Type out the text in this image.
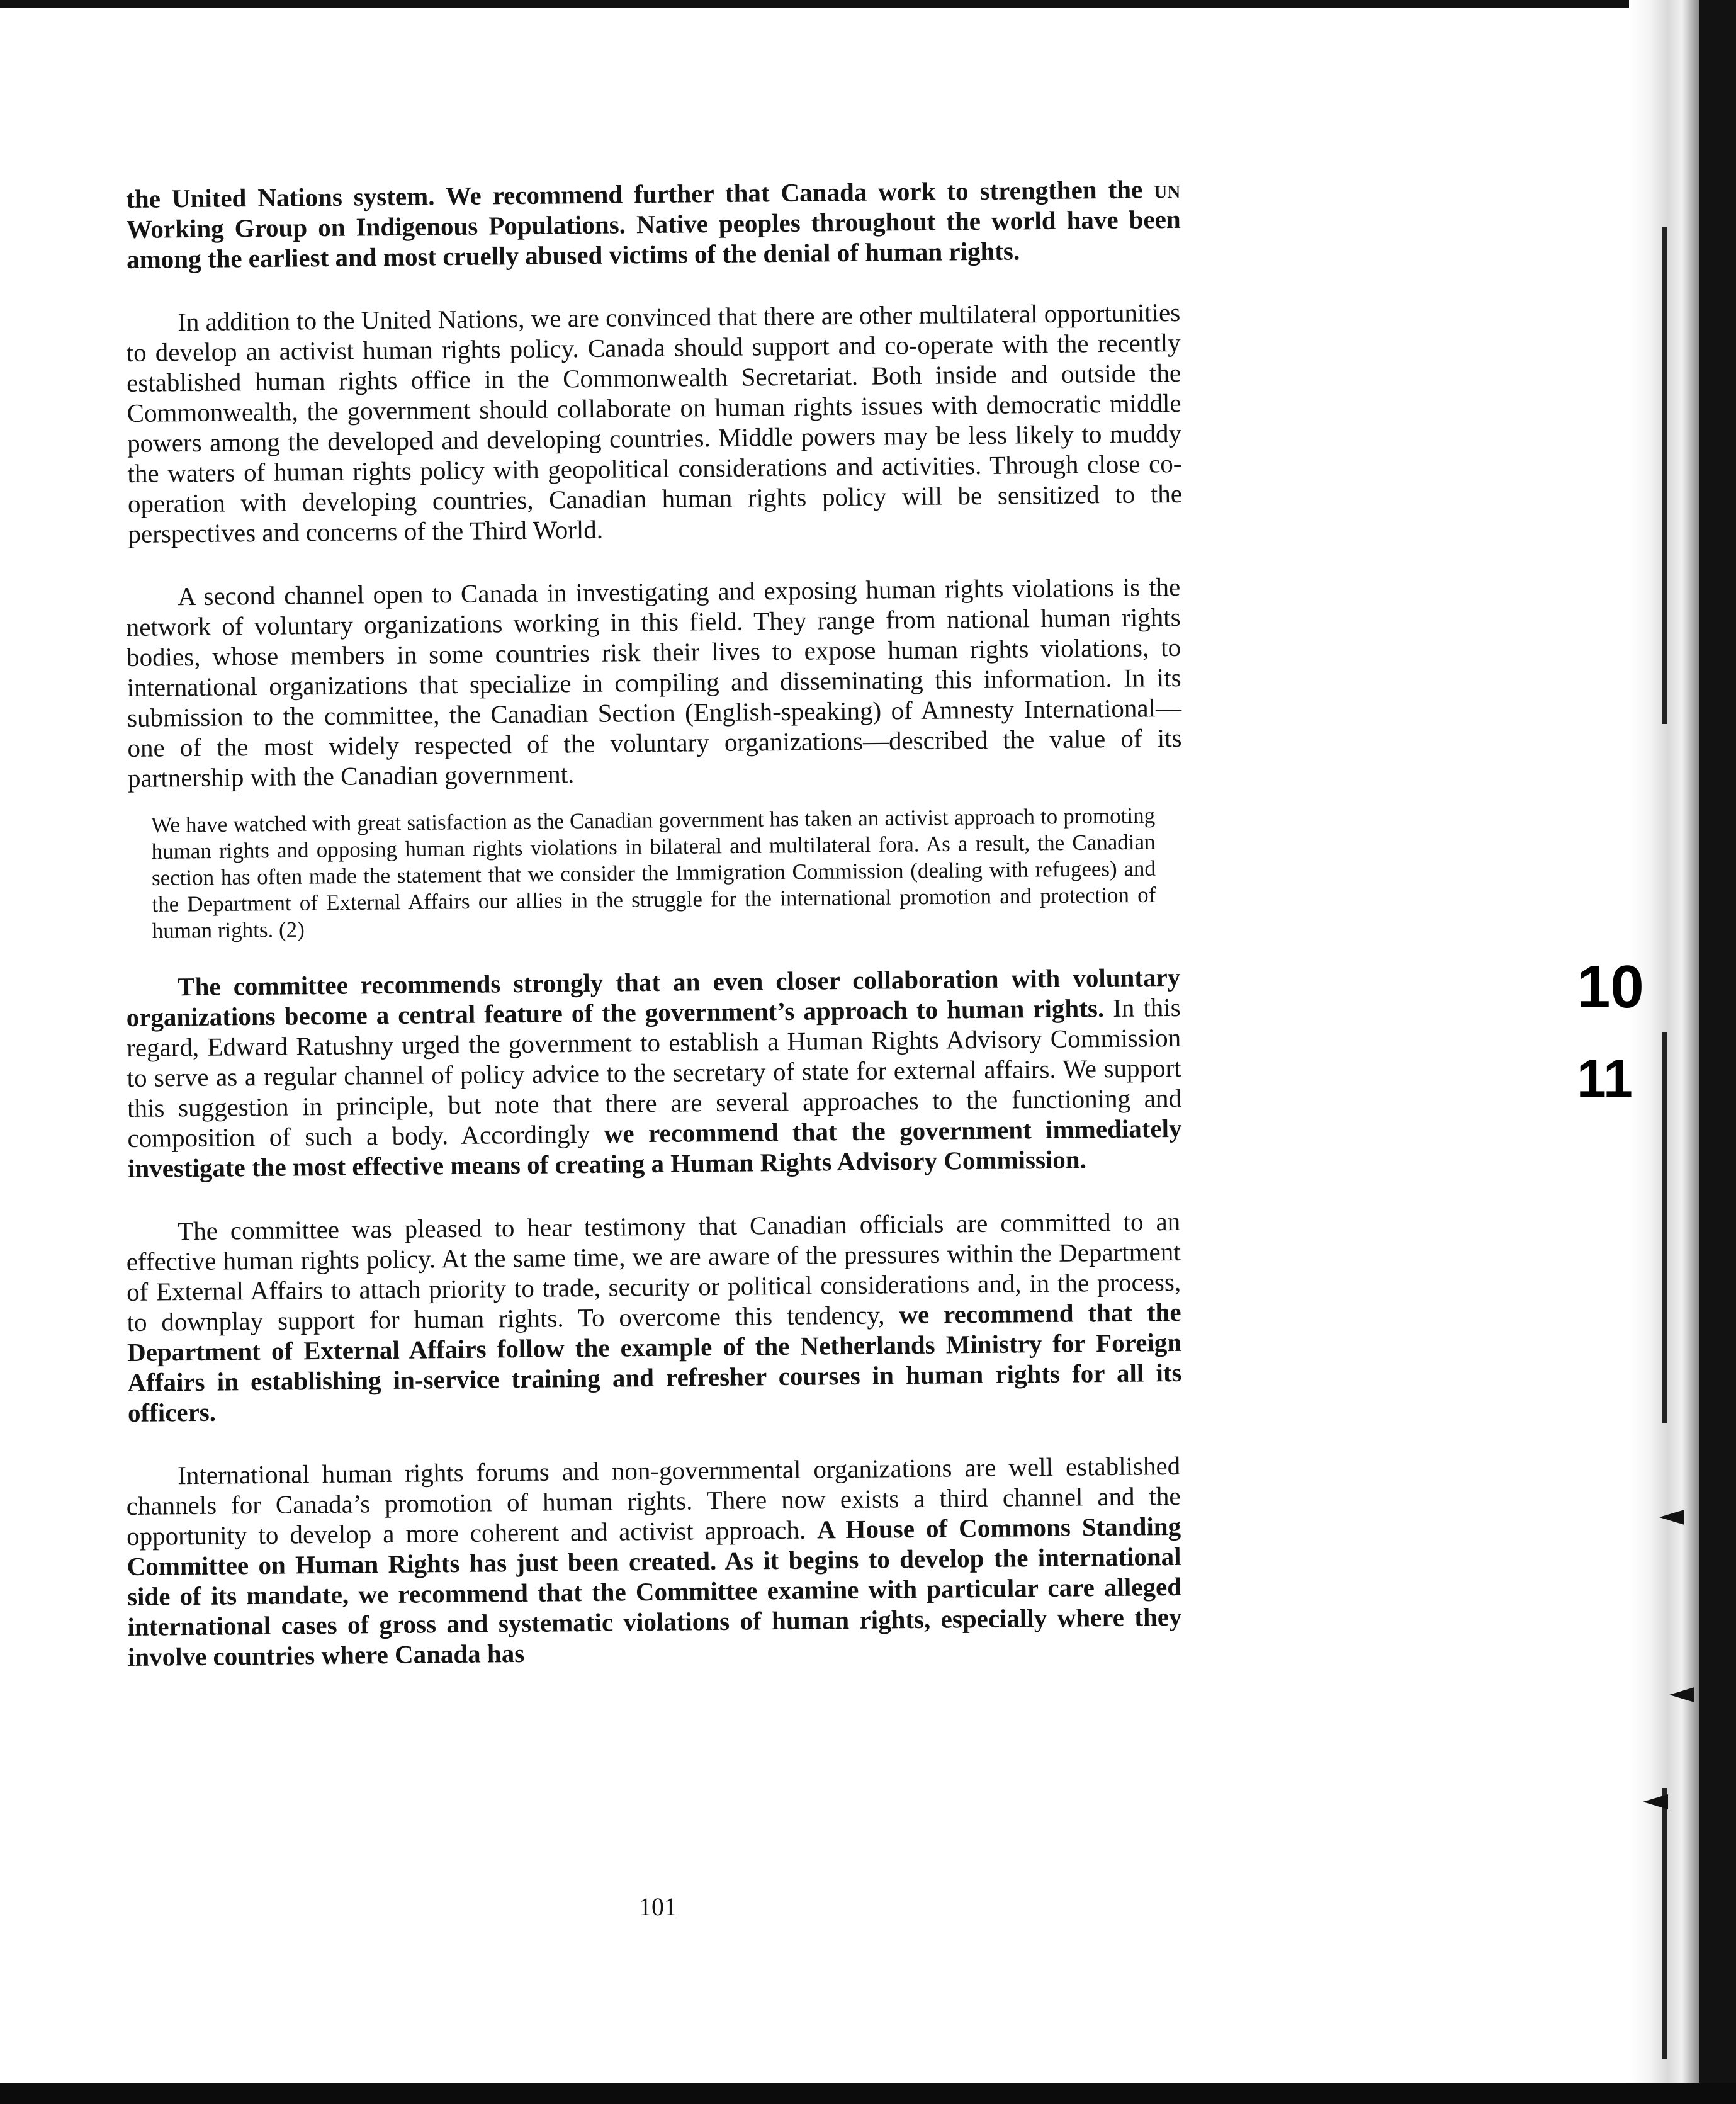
10
11

the United Nations system. We recommend further that Canada work to strengthen the un Working Group on Indigenous Populations. Native peoples throughout the world have been among the earliest and most cruelly abused victims of the denial of human rights.

In addition to the United Nations, we are convinced that there are other multilateral opportunities to develop an activist human rights policy. Canada should support and co-operate with the recently established human rights office in the Commonwealth Secretariat. Both inside and outside the Commonwealth, the government should collaborate on human rights issues with democratic middle powers among the developed and developing countries. Middle powers may be less likely to muddy the waters of human rights policy with geopolitical considerations and activities. Through close co-operation with developing countries, Canadian human rights policy will be sensitized to the perspectives and concerns of the Third World.

A second channel open to Canada in investigating and exposing human rights violations is the network of voluntary organizations working in this field. They range from national human rights bodies, whose members in some countries risk their lives to expose human rights violations, to international organizations that specialize in compiling and disseminating this information. In its submission to the committee, the Canadian Section (English-speaking) of Amnesty International—one of the most widely respected of the voluntary organizations—described the value of its partnership with the Canadian government.

We have watched with great satisfaction as the Canadian government has taken an activist approach to promoting human rights and opposing human rights violations in bilateral and multilateral fora. As a result, the Canadian section has often made the statement that we consider the Immigration Commission (dealing with refugees) and the Department of External Affairs our allies in the struggle for the international promotion and protection of human rights. (2)

The committee recommends strongly that an even closer collaboration with voluntary organizations become a central feature of the government’s approach to human rights. In this regard, Edward Ratushny urged the government to establish a Human Rights Advisory Commission to serve as a regular channel of policy advice to the secretary of state for external affairs. We support this suggestion in principle, but note that there are several approaches to the functioning and composition of such a body. Accordingly we recommend that the government immediately investigate the most effective means of creating a Human Rights Advisory Commission.

The committee was pleased to hear testimony that Canadian officials are committed to an effective human rights policy. At the same time, we are aware of the pressures within the Department of External Affairs to attach priority to trade, security or political considerations and, in the process, to downplay support for human rights. To overcome this tendency, we recommend that the Department of External Affairs follow the example of the Netherlands Ministry for Foreign Affairs in establishing in-service training and refresher courses in human rights for all its officers.

International human rights forums and non-governmental organizations are well established channels for Canada’s promotion of human rights. There now exists a third channel and the opportunity to develop a more coherent and activist approach. A House of Commons Standing Committee on Human Rights has just been created. As it begins to develop the international side of its mandate, we recommend that the Committee examine with particular care alleged international cases of gross and systematic violations of human rights, especially where they involve countries where Canada has

101
